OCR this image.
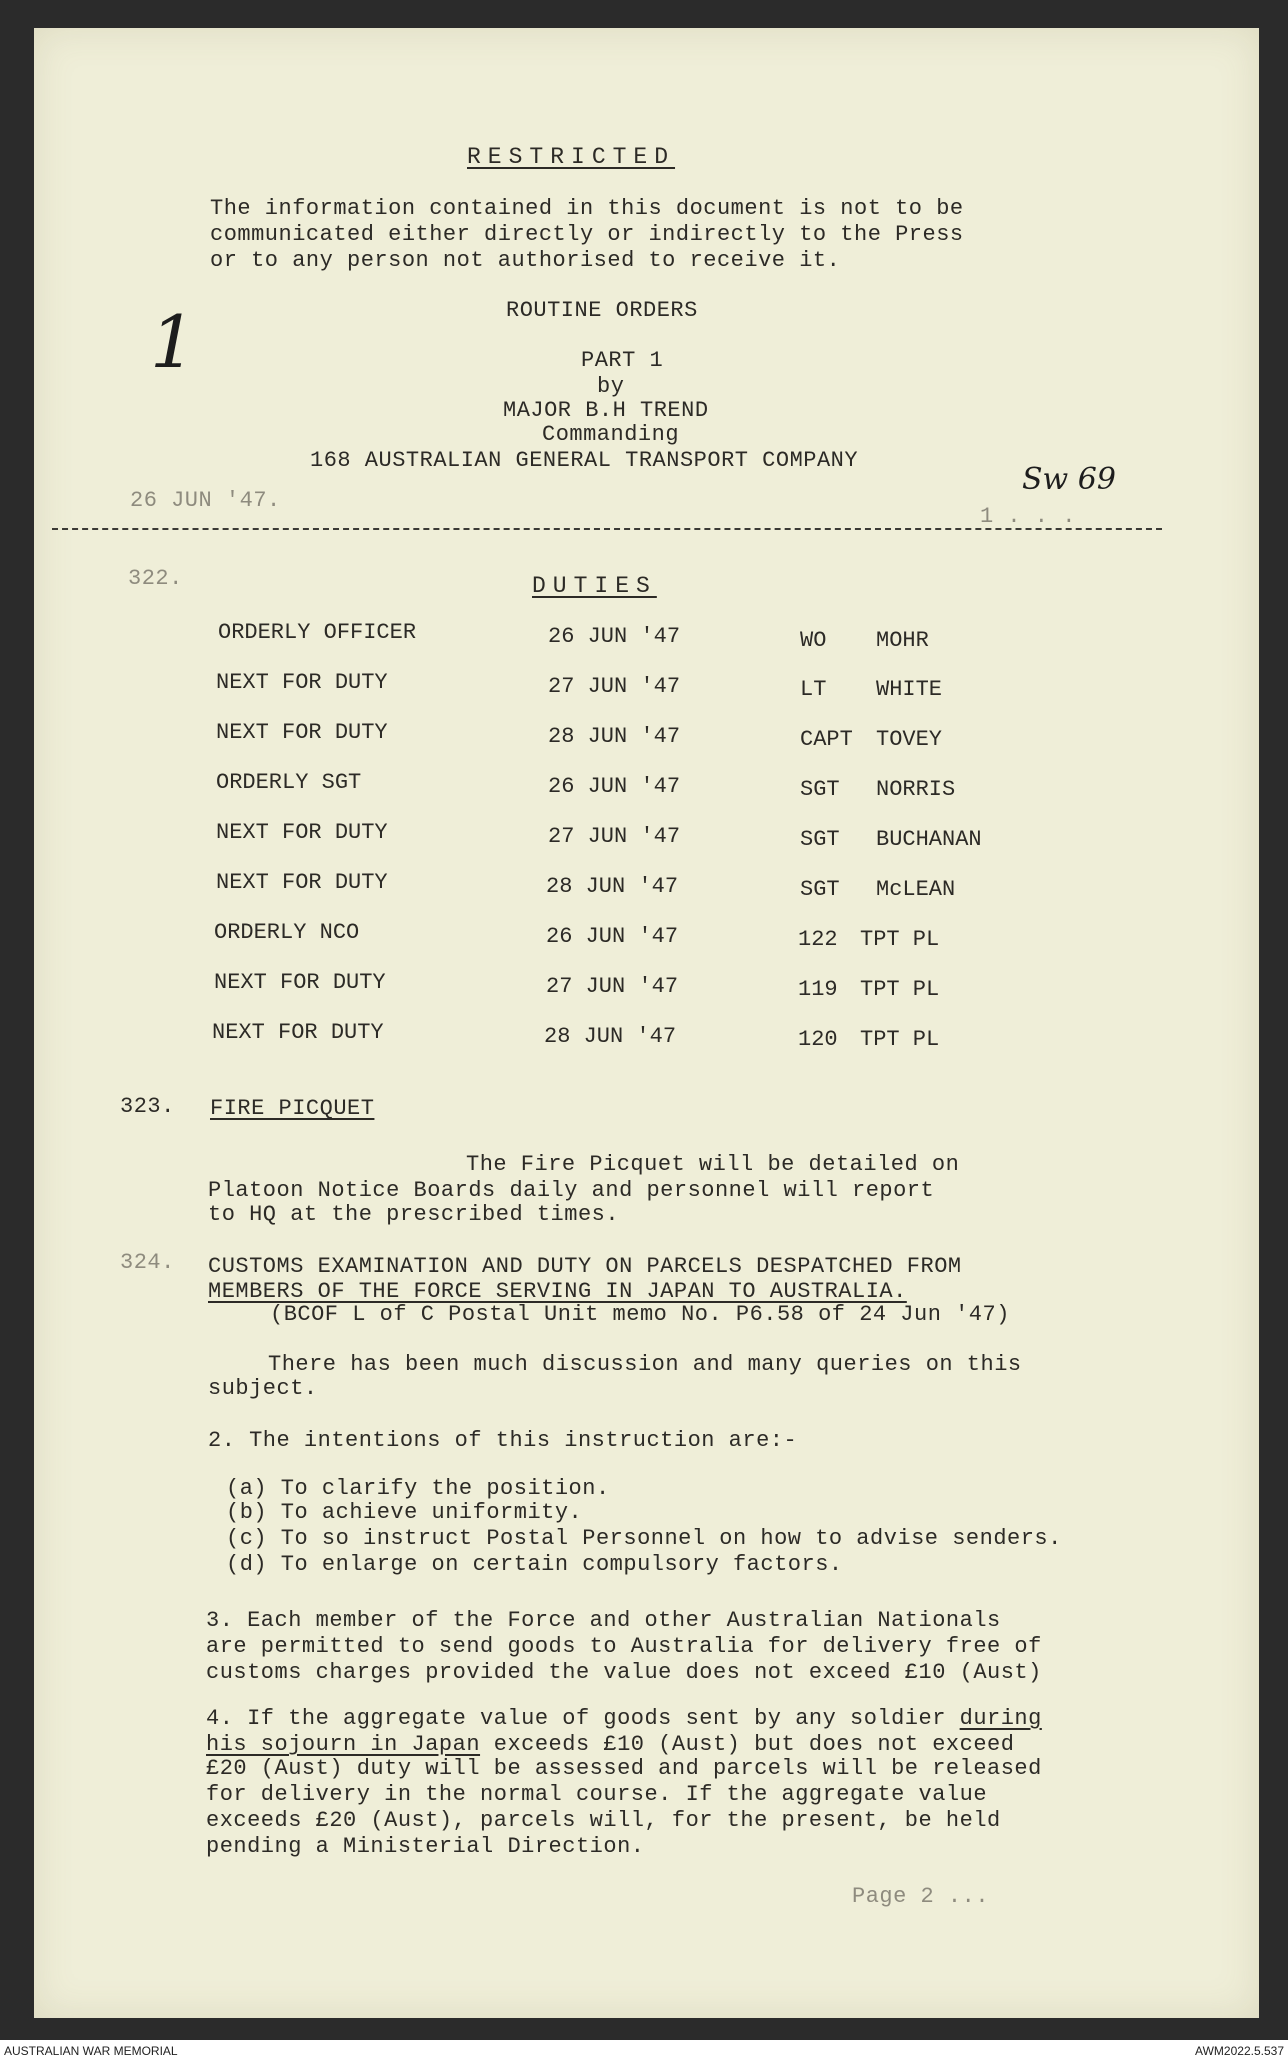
RESTRICTED
The information contained in this document is not to be
communicated either directly or indirectly to the Press
or to any person not authorised to receive it.
1	ROUTINE ORDERS
PART 1
by
MAJOR B.H TREND
Commanding
168 AUSTRALIAN GENERAL TRANSPORT COMPANY
Sw 69
26 JUN '47.
1 . . .
322.	DUTIES
ORDERLY OFFICER	26 JUN '47	WO MOHR
NEXT FOR DUTY	27 JUN '47	LT WHITE
NEXT FOR DUTY	28 JUN '47	CAPT TOVEY
ORDERLY SGT	26 JUN '47	SGT NORRIS
NEXT FOR DUTY	27 JUN '47	SGT BUCHANAN
NEXT FOR DUTY	28 JUN '47	SGT McLEAN
ORDERLY NCO	26 JUN '47	122 TPT PL
NEXT FOR DUTY	27 JUN '47	119 TPT PL
NEXT FOR DUTY	28 JUN '47	120 TPT PL
323. FIRE PICQUET
The Fire Picquet will be detailed on
Platoon Notice Boards daily and personnel will report
to HQ at the prescribed times.
324. CUSTOMS EXAMINATION AND DUTY ON PARCELS DESPATCHED FROM
MEMBERS OF THE FORCE SERVING IN JAPAN TO AUSTRALIA.
(BCOF L of C Postal Unit memo No. P6.58 of 24 Jun '47)
There has been much discussion and many queries on this
subject.
2. The intentions of this instruction are:-
(a) To clarify the position.
(b) To achieve uniformity.
(c) To so instruct Postal Personnel on how to advise senders.
(d) To enlarge on certain compulsory factors.
3. Each member of the Force and other Australian Nationals
are permitted to send goods to Australia for delivery free of
customs charges provided the value does not exceed £10 (Aust)
4. If the aggregate value of goods sent by any soldier during
his sojourn in Japan exceeds £10 (Aust) but does not exceed
£20 (Aust) duty will be assessed and parcels will be released
for delivery in the normal course. If the aggregate value
exceeds £20 (Aust), parcels will, for the present, be held
pending a Ministerial Direction.
Page 2 ...
AUSTRALIAN WAR MEMORIAL	AWM2022.5.537
